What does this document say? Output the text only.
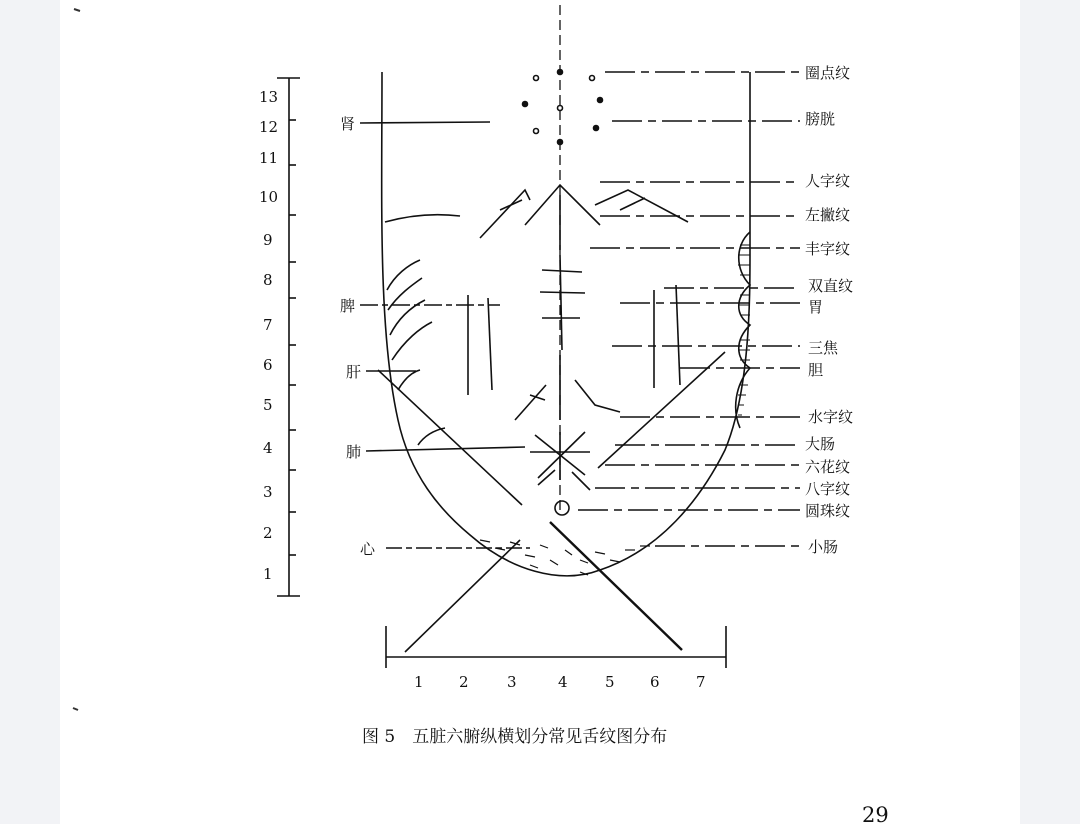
13
12
11
10
9
8
7
6
5
4
3
2
1
1 2	3	4 5 6 7
肾
脾
肝
肺
心
圈点纹
膀胱
人字纹
左撇纹
丰字纹
双直纹
胃
三焦
胆
水字纹
大肠
六花纹
八字纹
圆珠纹
小肠
图 5　五脏六腑纵横划分常见舌纹图分布
29
